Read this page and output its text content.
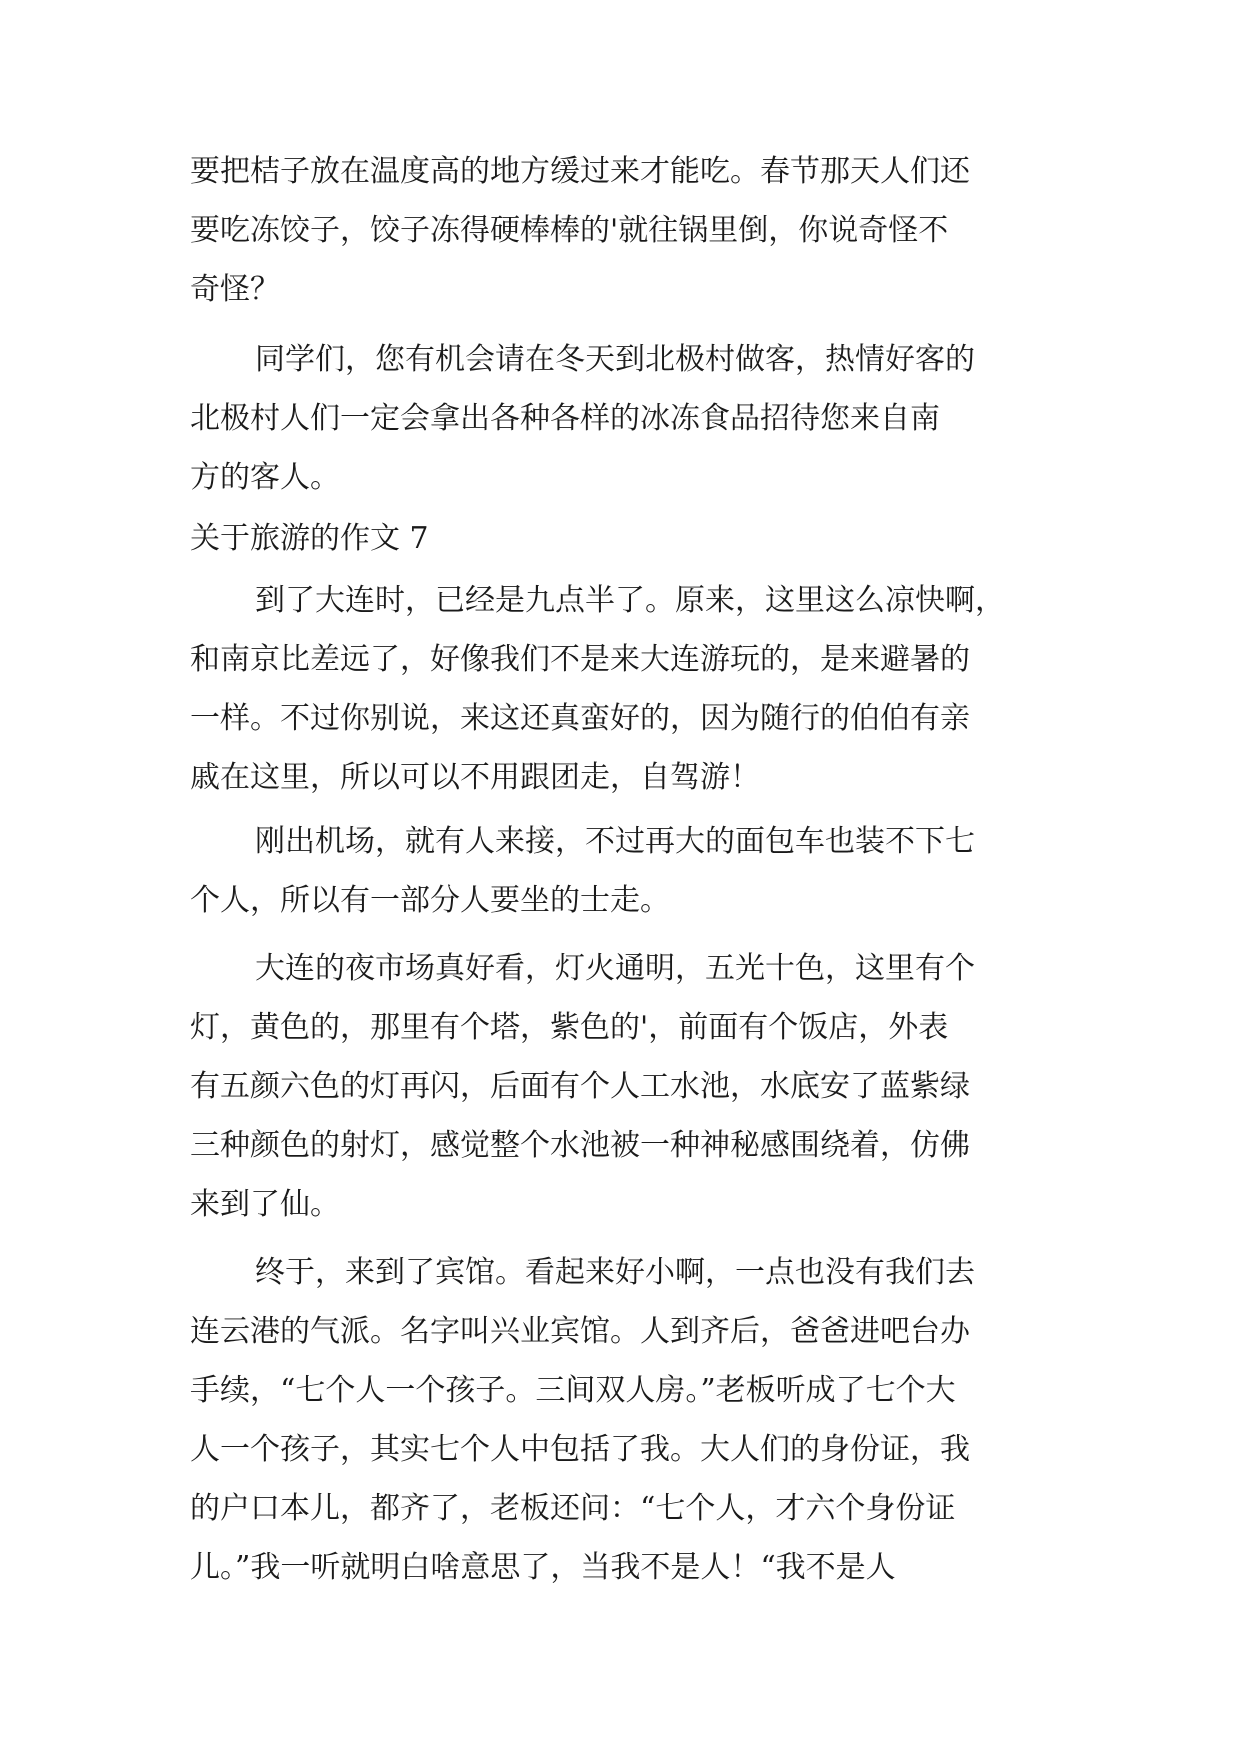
要把桔子放在温度高的地方缓过来才能吃。春节那天人们还
要吃冻饺子，饺子冻得硬棒棒的'就往锅里倒，你说奇怪不
奇怪？
同学们，您有机会请在冬天到北极村做客，热情好客的
北极村人们一定会拿出各种各样的冰冻食品招待您来自南
方的客人。
关于旅游的作文 7
到了大连时，已经是九点半了。原来，这里这么凉快啊，
和南京比差远了，好像我们不是来大连游玩的，是来避暑的
一样。不过你别说，来这还真蛮好的，因为随行的伯伯有亲
戚在这里，所以可以不用跟团走，自驾游！
刚出机场，就有人来接，不过再大的面包车也装不下七
个人，所以有一部分人要坐的士走。
大连的夜市场真好看，灯火通明，五光十色，这里有个
灯，黄色的，那里有个塔，紫色的'，前面有个饭店，外表
有五颜六色的灯再闪，后面有个人工水池，水底安了蓝紫绿
三种颜色的射灯，感觉整个水池被一种神秘感围绕着，仿佛
来到了仙。
终于，来到了宾馆。看起来好小啊，一点也没有我们去
连云港的气派。名字叫兴业宾馆。人到齐后，爸爸进吧台办
手续，“七个人一个孩子。三间双人房。”老板听成了七个大
人一个孩子，其实七个人中包括了我。大人们的身份证，我
的户口本儿，都齐了，老板还问：“七个人，才六个身份证
儿。”我一听就明白啥意思了，当我不是人！“我不是人
